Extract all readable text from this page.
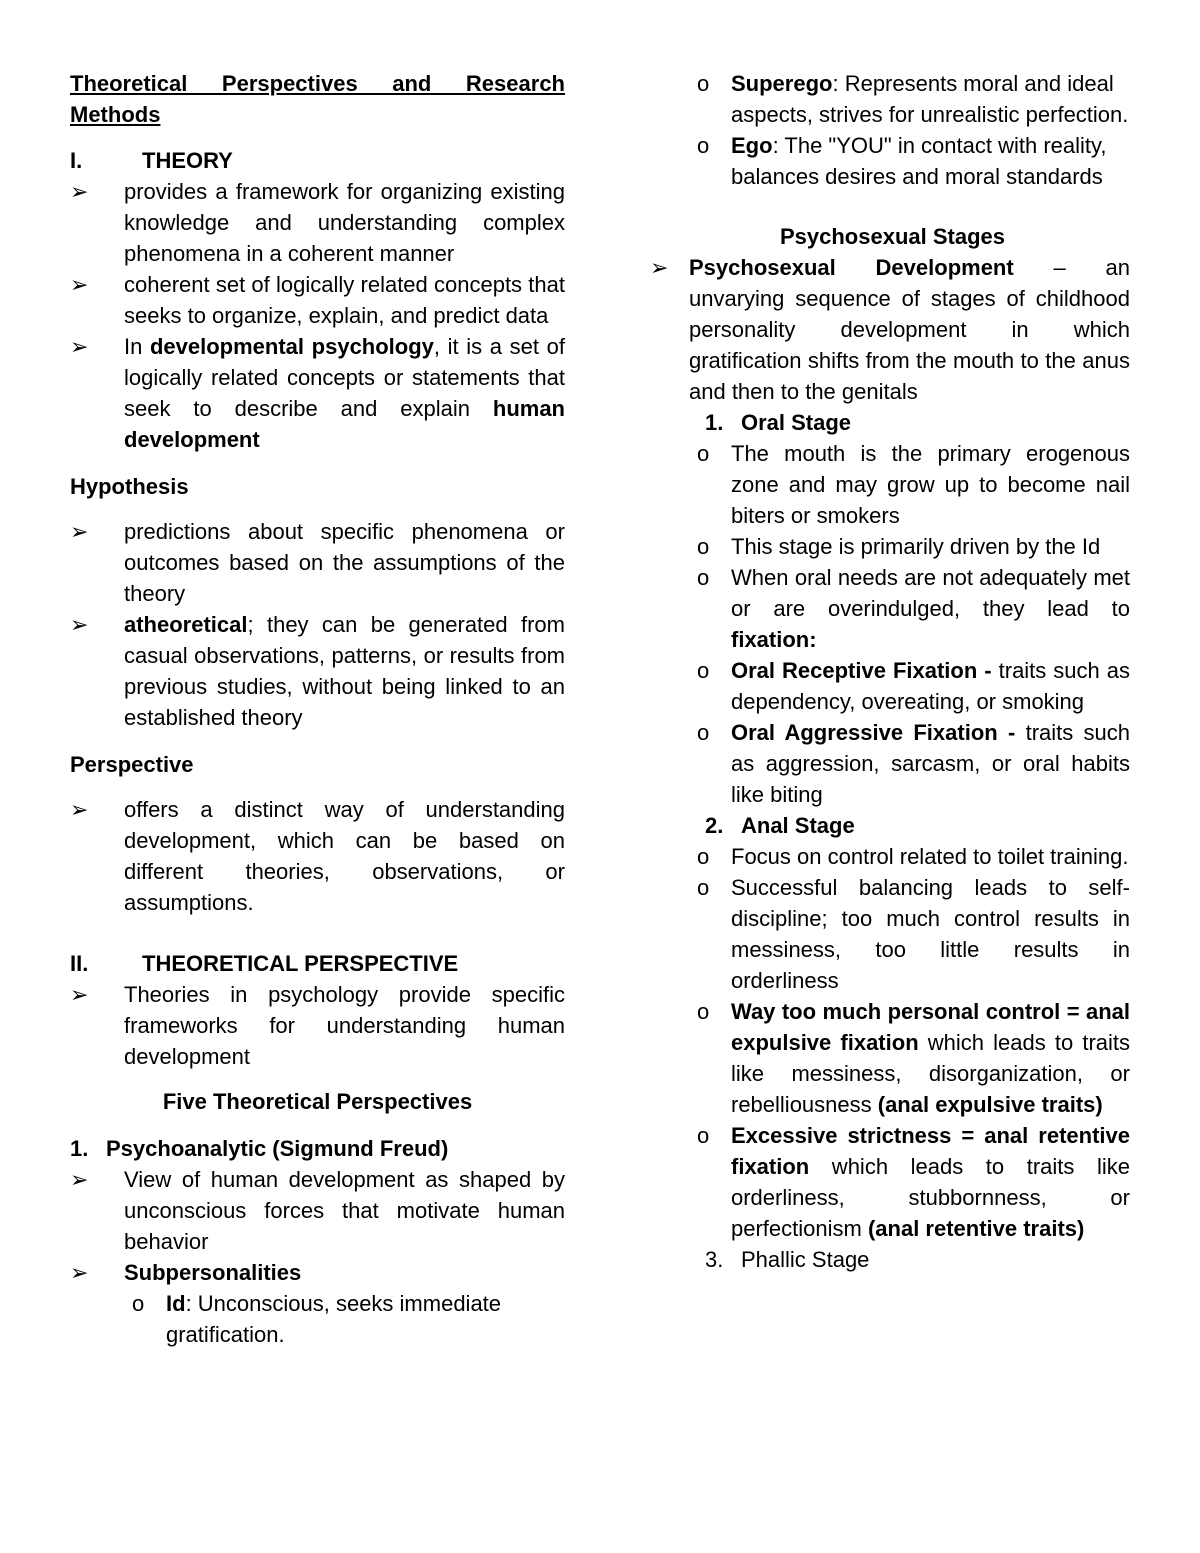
Theoretical Perspectives and Research

Methods

I.	THEORY
➢	provides a framework for organizing existing knowledge and understanding complex phenomena in a coherent manner
➢	coherent set of logically related concepts that seeks to organize, explain, and predict data
➢	In developmental psychology, it is a set of logically related concepts or statements that seek to describe and explain human development

Hypothesis

➢	predictions about specific phenomena or outcomes based on the assumptions of the theory
➢	atheoretical; they can be generated from casual observations, patterns, or results from previous studies, without being linked to an established theory

Perspective

➢	offers a distinct way of understanding development, which can be based on different theories, observations, or assumptions.
II.	THEORETICAL PERSPECTIVE
➢	Theories in psychology provide specific frameworks for understanding human development

Five Theoretical Perspectives

1. Psychoanalytic (Sigmund Freud)
➢	View of human development as shaped by unconscious forces that motivate human behavior
➢	Subpersonalities
o Id: Unconscious, seeks immediate gratification.
o Superego: Represents moral and ideal aspects, strives for unrealistic perfection.
o Ego: The "YOU" in contact with reality, balances desires and moral standards

Psychosexual Stages

➢ Psychosexual Development – an unvarying sequence of stages of childhood personality development in which gratification shifts from the mouth to the anus and then to the genitals
1. Oral Stage
o The mouth is the primary erogenous zone and may grow up to become nail biters or smokers
o This stage is primarily driven by the Id
o When oral needs are not adequately met or are overindulged, they lead to fixation:
o Oral Receptive Fixation - traits such as dependency, overeating, or smoking
o Oral Aggressive Fixation - traits such as aggression, sarcasm, or oral habits like biting
2. Anal Stage
o Focus on control related to toilet training.
o Successful balancing leads to self-discipline; too much control results in messiness, too little results in orderliness
o Way too much personal control = anal expulsive fixation which leads to traits like messiness, disorganization, or rebelliousness (anal expulsive traits)
o Excessive strictness = anal retentive fixation which leads to traits like orderliness, stubbornness, or perfectionism (anal retentive traits)
3. Phallic Stage
